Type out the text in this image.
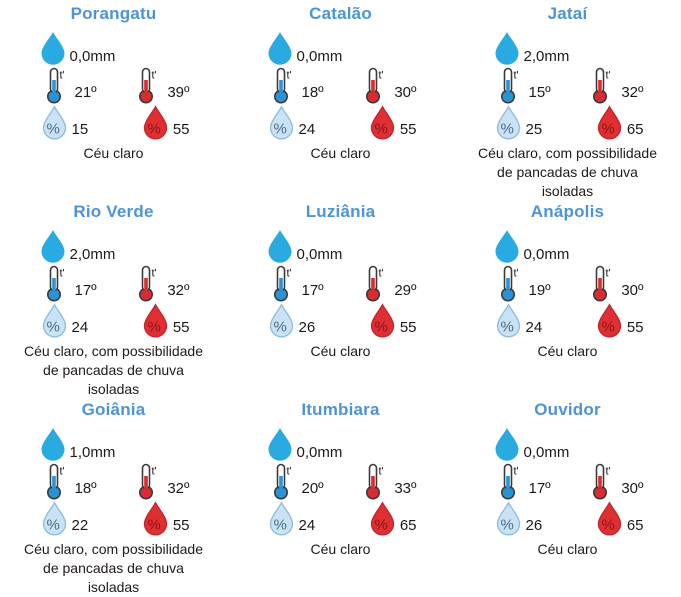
Porangatu
0,0mm
t'
21º
t'
39º
% 15	% 55
Céu claro
Catalão
0,0mm
t'
18º
t'
30º
% 24	% 55
Céu claro
Jataí
2,0mm
t'
15º
t'
32º
% 25	% 65
Céu claro, com possibilidade de pancadas de chuva isoladas
Rio Verde
2,0mm
t'
17º
t'
32º
% 24	% 55
Céu claro, com possibilidade de pancadas de chuva isoladas
Luziânia
0,0mm
t'
17º
t'
29º
% 26	% 55
Céu claro
Anápolis
0,0mm
t'
19º
t'
30º
% 24	% 55
Céu claro
Goiânia
1,0mm
t'
18º
t'
32º
% 22	% 55
Céu claro, com possibilidade de pancadas de chuva isoladas
Itumbiara
0,0mm
t'
20º
t'
33º
% 24	% 65
Céu claro
Ouvidor
0,0mm
t'
17º
t'
30º
% 26	% 65
Céu claro
